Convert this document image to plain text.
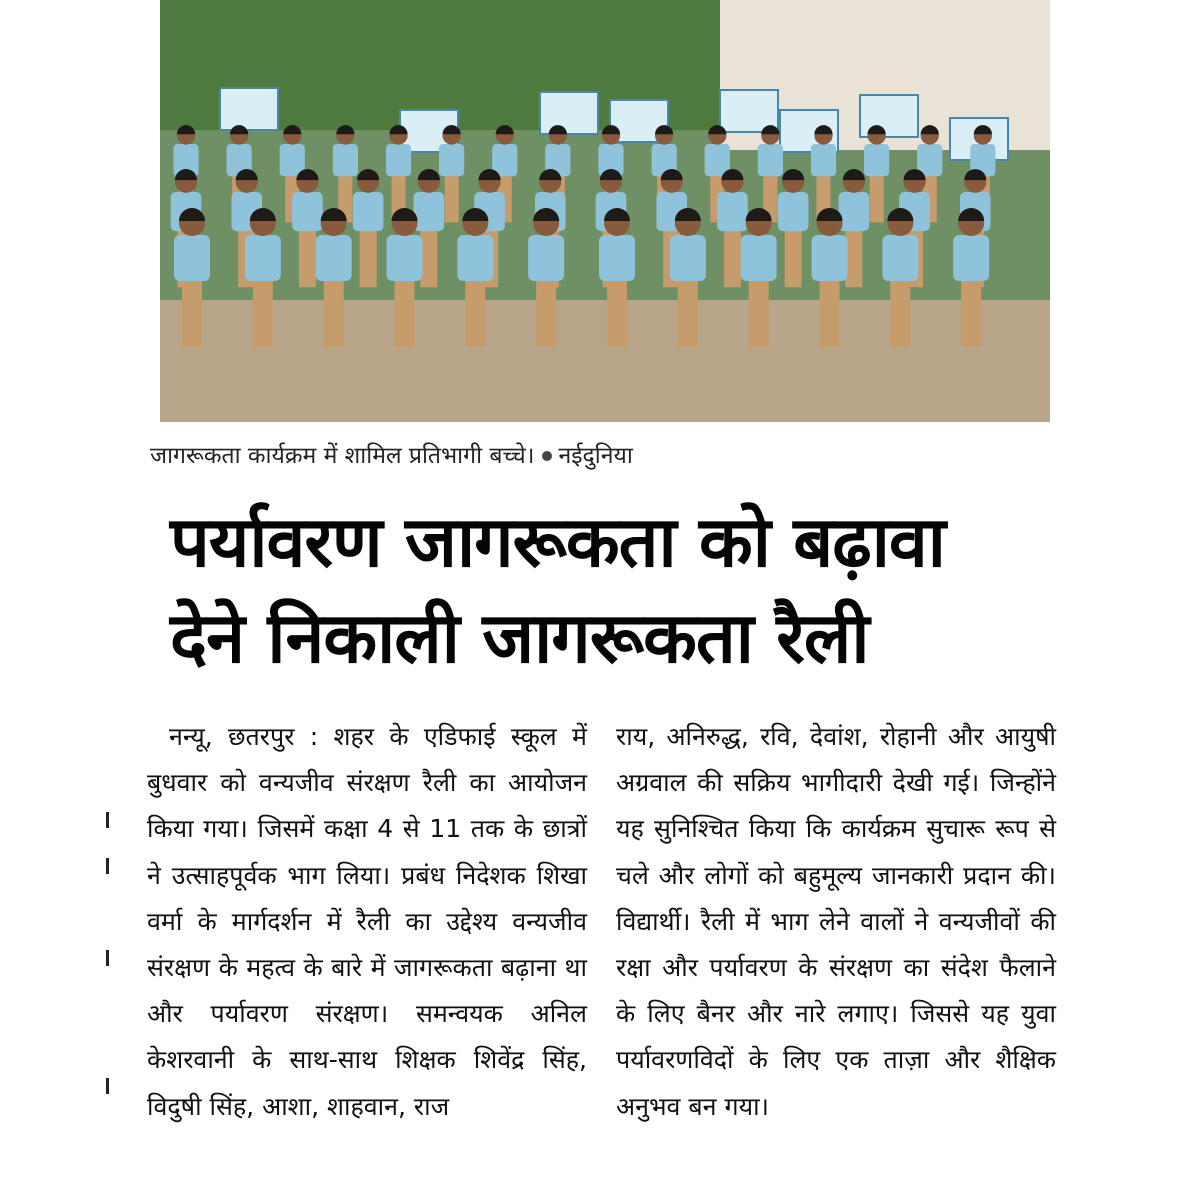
जागरूकता कार्यक्रम में शामिल प्रतिभागी बच्चे। नईदुनिया
पर्यावरण जागरूकता को बढ़ावा
देने निकाली जागरूकता रैली
नन्यू, छतरपुर : शहर के एडिफाई स्कूल में बुधवार को वन्यजीव संरक्षण रैली का आयोजन किया गया। जिसमें कक्षा 4 से 11 तक के छात्रों ने उत्साहपूर्वक भाग लिया। प्रबंध निदेशक शिखा वर्मा के मार्गदर्शन में रैली का उद्देश्य वन्यजीव संरक्षण के महत्व के बारे में जागरूकता बढ़ाना था और पर्यावरण संरक्षण। समन्वयक अनिल केशरवानी के साथ-साथ शिक्षक शिवेंद्र सिंह, विदुषी सिंह, आशा, शाहवान, राज
राय, अनिरुद्ध, रवि, देवांश, रोहानी और आयुषी अग्रवाल की सक्रिय भागीदारी देखी गई। जिन्होंने यह सुनिश्चित किया कि कार्यक्रम सुचारू रूप से चले और लोगों को बहुमूल्य जानकारी प्रदान की। विद्यार्थी। रैली में भाग लेने वालों ने वन्यजीवों की रक्षा और पर्यावरण के संरक्षण का संदेश फैलाने के लिए बैनर और नारे लगाए। जिससे यह युवा पर्यावरणविदों के लिए एक ताज़ा और शैक्षिक अनुभव बन गया।
